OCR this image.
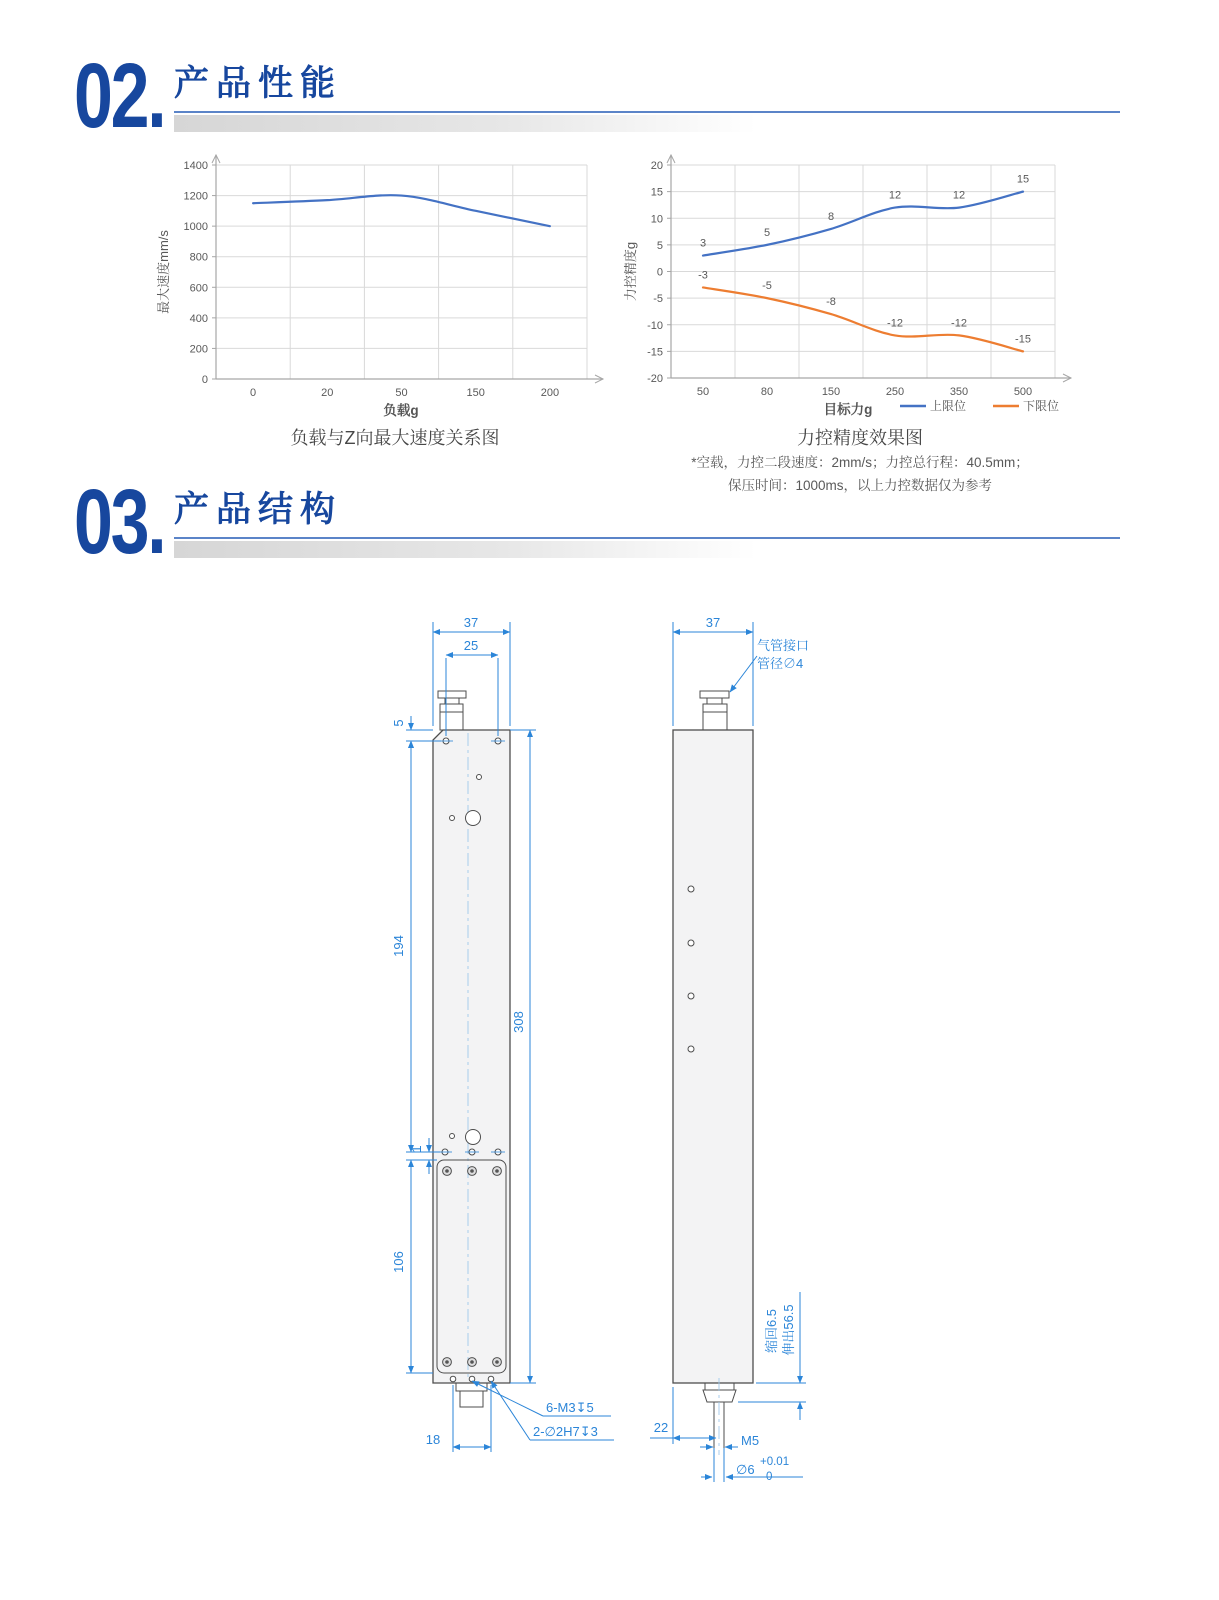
02. 产品性能
0
200
400
600
800
1000
1200
1400
0	20	50	150	200
最大速度mm/s
负载g
-20
-15
-10
-5
0
5
10
15
20
50	80	150	250	350	500
3
5
8
12	12
15
-3
-5
-8
-12	-12
-15
力控精度g
目标力g	上限位	下限位
负载与Z向最大速度关系图	力控精度效果图
*空载，力控二段速度：2mm/s；力控总行程：40.5mm；
保压时间：1000ms，以上力控数据仅为参考
03. 产品结构
37
25
5
194
1
106
308
18
6-M3↧5
2-∅2H7↧3
37
气管接口
管径∅4
缩回6.5 伸出56.5
22
M5
∅6 +0.01
0
